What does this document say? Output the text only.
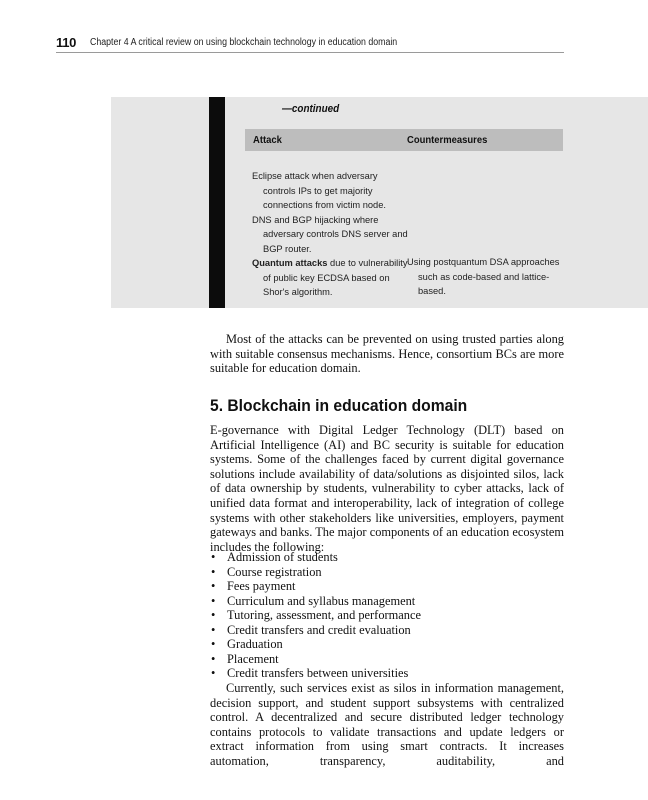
110 Chapter 4 A critical review on using blockchain technology in education domain
—continued
Attack	Countermeasures
Eclipse attack when adversary controls IPs to get majority connections from victim node.
DNS and BGP hijacking where adversary controls DNS server and BGP router.
Quantum attacks due to vulnerability of public key ECDSA based on Shor's algorithm.
Using postquantum DSA approaches such as code-based and lattice-based.
Most of the attacks can be prevented on using trusted parties along with suitable consensus mechanisms. Hence, consortium BCs are more suitable for education domain.
5. Blockchain in education domain
E-governance with Digital Ledger Technology (DLT) based on Artificial Intelligence (AI) and BC security is suitable for education systems. Some of the challenges faced by current digital governance solutions include availability of data/solutions as disjointed silos, lack of data ownership by students, vulnerability to cyber attacks, lack of unified data format and interoperability, lack of integration of college systems with other stakeholders like universities, employers, payment gateways and banks. The major components of an education ecosystem includes the following:
• Admission of students
• Course registration
• Fees payment
• Curriculum and syllabus management
• Tutoring, assessment, and performance
• Credit transfers and credit evaluation
• Graduation
• Placement
• Credit transfers between universities
Currently, such services exist as silos in information management, decision support, and student support subsystems with centralized control. A decentralized and secure distributed ledger technology contains protocols to validate transactions and update ledgers or extract information from using smart contracts. It increases automation, transparency, auditability, and
